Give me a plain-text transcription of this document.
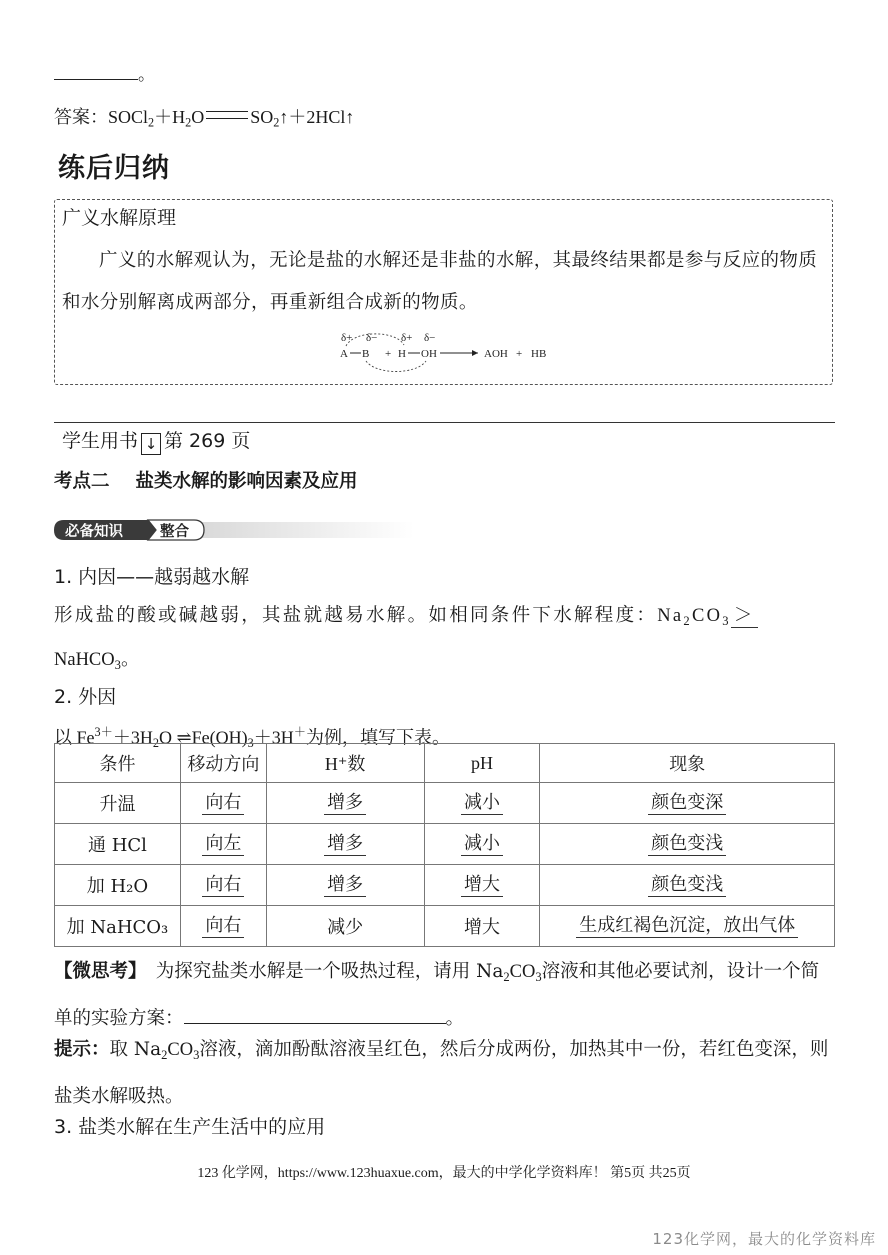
。
答案：$SOCl_2+H_2O$	$SO_2↑+2HCl↑$
练后归纳
广义水解原理
广义的水解观认为，无论是盐的水解还是非盐的水解，其最终结果都是参与反应的物质和水分别解离成两部分，再重新组合成新的物质。
δ+ δ− δ+ δ−
A B + H OH	AOH + HB
学生用书 ↓ 第 269 页
考点二 盐类水解的影响因素及应用
必备知识	整合
1. 内因——越弱越水解
形成盐的酸或碱越弱，其盐就越易水解。如相同条件下水解程度：$Na_2CO_3$ ＞
NaHCO$_3$。
2. 外因
以 $Fe^{3+}+3H_2O$ $\rightleftharpoons Fe(OH)_3+3H^+$为例，填写下表。
条件	移动方向	H⁺数	pH	现象
升温	向右	增多	减小	颜色变深
通 HCl	向左	增多	减小	颜色变浅
加 H₂O	向右	增多	增大	颜色变浅
加 NaHCO₃	向右	减少	增大	生成红褐色沉淀，放出气体
【微思考】　为探究盐类水解是一个吸热过程，请用 $Na_2CO_3$溶液和其他必要试剂，设计一个简单的实验方案：	。
提示：取 $Na_2CO_3$溶液，滴加酚酞溶液呈红色，然后分成两份，加热其中一份，若红色变深，则盐类水解吸热。
3. 盐类水解在生产生活中的应用
123 化学网，https://www.123huaxue.com，最大的中学化学资料库！ 第5页 共25页
123化学网，最大的化学资料库
